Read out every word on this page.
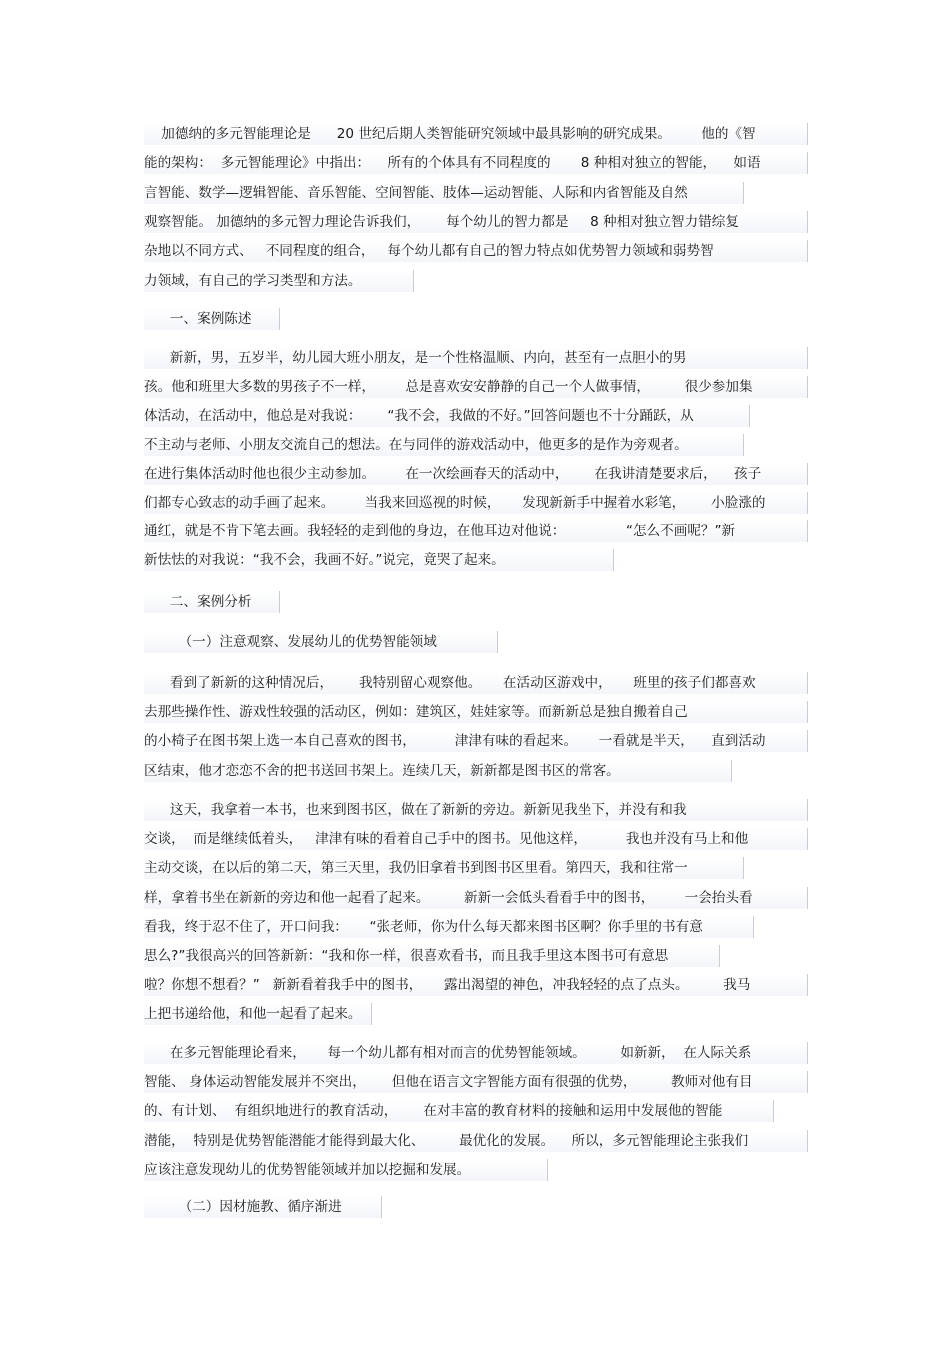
加德纳的多元智能理论是      20 世纪后期人类智能研究领域中最具影响的研究成果。       他的《智
能的架构：  多元智能理论》中指出：    所有的个体具有不同程度的       8 种相对独立的智能，    如语
言智能、数学—逻辑智能、音乐智能、空间智能、肢体—运动智能、人际和内省智能及自然
观察智能。 加德纳的多元智力理论告诉我们，      每个幼儿的智力都是     8 种相对独立智力错综复
杂地以不同方式、   不同程度的组合，   每个幼儿都有自己的智力特点如优势智力领域和弱势智
力领域，有自己的学习类型和方法。
一、案例陈述
新新，男，五岁半，幼儿园大班小朋友，是一个性格温顺、内向，甚至有一点胆小的男
孩。他和班里大多数的男孩子不一样，       总是喜欢安安静静的自己一个人做事情，        很少参加集
体活动，在活动中，他总是对我说：      “我不会，我做的不好。”回答问题也不十分踊跃，从
不主动与老师、小朋友交流自己的想法。在与同伴的游戏活动中，他更多的是作为旁观者。
在进行集体活动时他也很少主动参加。       在一次绘画春天的活动中，      在我讲清楚要求后，    孩子
们都专心致志的动手画了起来。       当我来回巡视的时候，     发现新新手中握着水彩笔，      小脸涨的
通红，就是不肯下笔去画。我轻轻的走到他的身边，在他耳边对他说：              “怎么不画呢？”新
新怯怯的对我说：“我不会，我画不好。”说完，竟哭了起来。
二、案例分析
（一）注意观察、发展幼儿的优势智能领域
看到了新新的这种情况后，      我特别留心观察他。     在活动区游戏中，     班里的孩子们都喜欢
去那些操作性、游戏性较强的活动区，例如：建筑区，娃娃家等。而新新总是独自搬着自己
的小椅子在图书架上选一本自己喜欢的图书，         津津有味的看起来。     一看就是半天，    直到活动
区结束，他才恋恋不舍的把书送回书架上。连续几天，新新都是图书区的常客。
这天，我拿着一本书，也来到图书区，做在了新新的旁边。新新见我坐下，并没有和我
交谈，  而是继续低着头，   津津有味的看着自己手中的图书。见他这样，         我也并没有马上和他
主动交谈，在以后的第二天，第三天里，我仍旧拿着书到图书区里看。第四天，我和往常一
样，拿着书坐在新新的旁边和他一起看了起来。        新新一会低头看看手中的图书，       一会抬头看
看我，终于忍不住了，开口问我：     “张老师，你为什么每天都来图书区啊？你手里的书有意
思么?”我很高兴的回答新新：“我和你一样，很喜欢看书，而且我手里这本图书可有意思
啦？你想不想看？”   新新看着我手中的图书，     露出渴望的神色，冲我轻轻的点了点头。        我马
上把书递给他，和他一起看了起来。
在多元智能理论看来，     每一个幼儿都有相对而言的优势智能领域。        如新新，  在人际关系
智能、 身体运动智能发展并不突出，      但他在语言文字智能方面有很强的优势，        教师对他有目
的、有计划、  有组织地进行的教育活动，      在对丰富的教育材料的接触和运用中发展他的智能
潜能，  特别是优势智能潜能才能得到最大化、        最优化的发展。    所以，多元智能理论主张我们
应该注意发现幼儿的优势智能领域并加以挖掘和发展。
（二）因材施教、循序渐进
